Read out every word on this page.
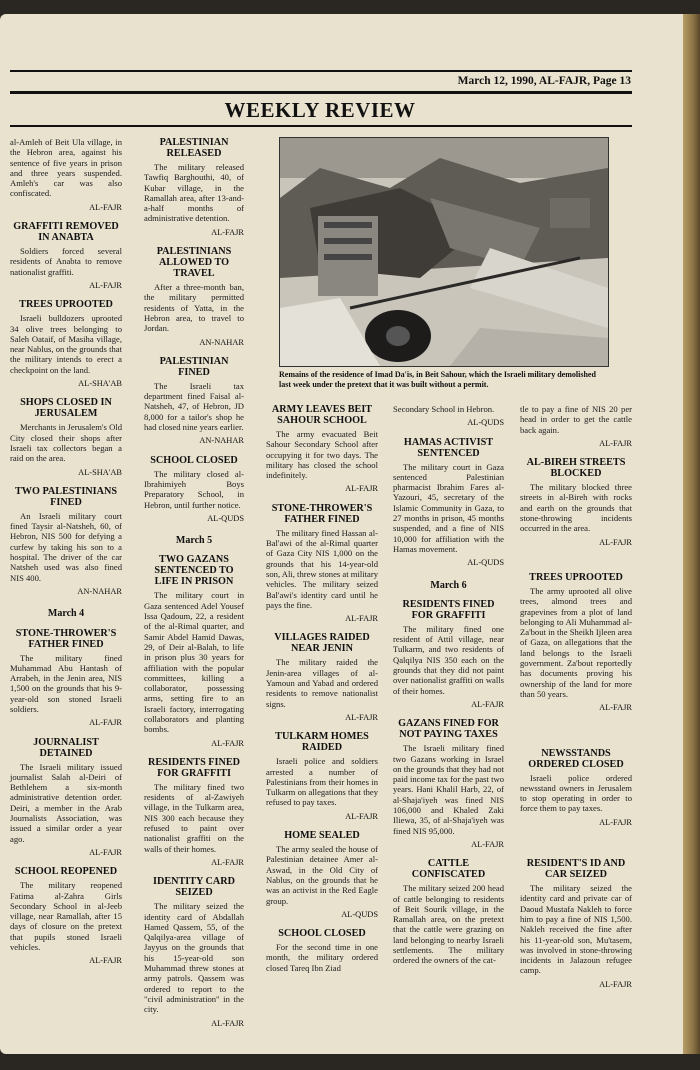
March 12, 1990, AL-FAJR, Page 13
WEEKLY REVIEW

al-Amleh of Beit Ula village, in the Hebron area, against his sentence of five years in prison and three years suspended. Amleh's car was also confiscated.

AL-FAJR
GRAFFITI REMOVED IN ANABTA

Soldiers forced several residents of Anabta to remove nationalist graffiti.

AL-FAJR
TREES UPROOTED

Israeli bulldozers uprooted 34 olive trees belonging to Saleh Oataif, of Masiha village, near Nablus, on the grounds that the military intends to erect a checkpoint on the land.

AL-SHA'AB
SHOPS CLOSED IN JERUSALEM

Merchants in Jerusalem's Old City closed their shops after Israeli tax collectors began a raid on the area.

AL-SHA'AB
TWO PALESTINIANS FINED

An Israeli military court fined Taysir al-Natsheh, 60, of Hebron, NIS 500 for defying a curfew by taking his son to a hospital. The driver of the car Natsheh used was also fined NIS 400.

AN-NAHAR
March 4
STONE-THROWER'S FATHER FINED

The military fined Muhammad Abu Hantash of Arrabeh, in the Jenin area, NIS 1,500 on the grounds that his 9-year-old son stoned Israeli soldiers.

AL-FAJR
JOURNALIST DETAINED

The Israeli military issued journalist Salah al-Deiri of Bethlehem a six-month administrative detention order. Deiri, a member in the Arab Journalists Association, was issued a similar order a year ago.

AL-FAJR
SCHOOL REOPENED

The military reopened Fatima al-Zahra Girls Secondary School in al-Jeeb village, near Ramallah, after 15 days of closure on the pretext that pupils stoned Israeli vehicles.

AL-FAJR
PALESTINIAN RELEASED

The military released Tawfiq Barghouthi, 40, of Kubar village, in the Ramallah area, after 13-and-a-half months of administrative detention.

AL-FAJR
PALESTINIANS ALLOWED TO TRAVEL

After a three-month ban, the military permitted residents of Yatta, in the Hebron area, to travel to Jordan.

AN-NAHAR
PALESTINIAN FINED

The Israeli tax department fined Faisal al-Natsheh, 47, of Hebron, JD 8,000 for a tailor's shop he had closed nine years earlier.

AN-NAHAR
SCHOOL CLOSED

The military closed al-Ibrahimiyeh Boys Preparatory School, in Hebron, until further notice.

AL-QUDS
March 5
TWO GAZANS SENTENCED TO LIFE IN PRISON

The military court in Gaza sentenced Adel Yousef Issa Qadoum, 22, a resident of the al-Rimal quarter, and Samir Abdel Hamid Dawas, 29, of Deir al-Balah, to life in prison plus 30 years for affiliation with the popular committees, killing a collaborator, possessing arms, setting fire to an Israeli factory, interrogating collaborators and planting bombs.

AL-FAJR
RESIDENTS FINED FOR GRAFFITI

The military fined two residents of al-Zawiyeh village, in the Tulkarm area, NIS 300 each because they refused to paint over nationalist graffiti on the walls of their homes.

AL-FAJR
IDENTITY CARD SEIZED

The military seized the identity card of Abdallah Hamed Qassem, 55, of the Qalqilya-area village of Jayyus on the grounds that his 15-year-old son Muhammad threw stones at army patrols. Qassem was ordered to report to the "civil administration" in the city.

AL-FAJR
Remains of the residence of Imad Da'is, in Beit Sahour, which the Israeli military demolished last week under the pretext that it was built without a permit.
ARMY LEAVES BEIT SAHOUR SCHOOL

The army evacuated Beit Sahour Secondary School after occupying it for two days. The military has closed the school indefinitely.

AL-FAJR
STONE-THROWER'S FATHER FINED

The military fined Hassan al-Bal'awi of the al-Rimal quarter of Gaza City NIS 1,000 on the grounds that his 14-year-old son, Ali, threw stones at military vehicles. The military seized Bal'awi's identity card until he pays the fine.

AL-FAJR
VILLAGES RAIDED NEAR JENIN

The military raided the Jenin-area villages of al-Yamoun and Yabad and ordered residents to remove nationalist signs.

AL-FAJR
TULKARM HOMES RAIDED

Israeli police and soldiers arrested a number of Palestinians from their homes in Tulkarm on allegations that they refused to pay taxes.

AL-FAJR
HOME SEALED

The army sealed the house of Palestinian detainee Amer al-Aswad, in the Old City of Nablus, on the grounds that he was an activist in the Red Eagle group.

AL-QUDS
SCHOOL CLOSED

For the second time in one month, the military ordered closed Tareq Ibn Ziad

Secondary School in Hebron.

AL-QUDS
HAMAS ACTIVIST SENTENCED

The military court in Gaza sentenced Palestinian pharmacist Ibrahim Fares al-Yazouri, 45, secretary of the Islamic Community in Gaza, to 27 months in prison, 45 months suspended, and a fine of NIS 10,000 for affiliation with the Hamas movement.

AL-QUDS
March 6
RESIDENTS FINED FOR GRAFFITI

The military fined one resident of Attil village, near Tulkarm, and two residents of Qalqilya NIS 350 each on the grounds that they did not paint over nationalist graffiti on walls of their homes.

AL-FAJR
GAZANS FINED FOR NOT PAYING TAXES

The Israeli military fined two Gazans working in Israel on the grounds that they had not paid income tax for the past two years. Hani Khalil Harb, 22, of al-Shaja'iyeh was fined NIS 106,000 and Khaled Zaki Iliewa, 35, of al-Shaja'iyeh was fined NIS 95,000.

AL-FAJR
CATTLE CONFISCATED

The military seized 200 head of cattle belonging to residents of Beit Sourik village, in the Ramallah area, on the pretext that the cattle were grazing on land belonging to nearby Israeli settlements. The military ordered the owners of the cat-

tle to pay a fine of NIS 20 per head in order to get the cattle back again.

AL-FAJR
AL-BIREH STREETS BLOCKED

The military blocked three streets in al-Bireh with rocks and earth on the grounds that stone-throwing incidents occurred in the area.

AL-FAJR
TREES UPROOTED

The army uprooted all olive trees, almond trees and grapevines from a plot of land belonging to Ali Muhammad al-Za'bout in the Sheikh Ijleen area of Gaza, on allegations that the land belongs to the Israeli government. Za'bout reportedly has documents proving his ownership of the land for more than 50 years.

AL-FAJR
NEWSSTANDS ORDERED CLOSED

Israeli police ordered newsstand owners in Jerusalem to stop operating in order to force them to pay taxes.

AL-FAJR
RESIDENT'S ID AND CAR SEIZED

The military seized the identity card and private car of Daoud Mustafa Nakleh to force him to pay a fine of NIS 1,500. Nakleh received the fine after his 11-year-old son, Mu'tasem, was involved in stone-throwing incidents in Jalazoun refugee camp.

AL-FAJR
